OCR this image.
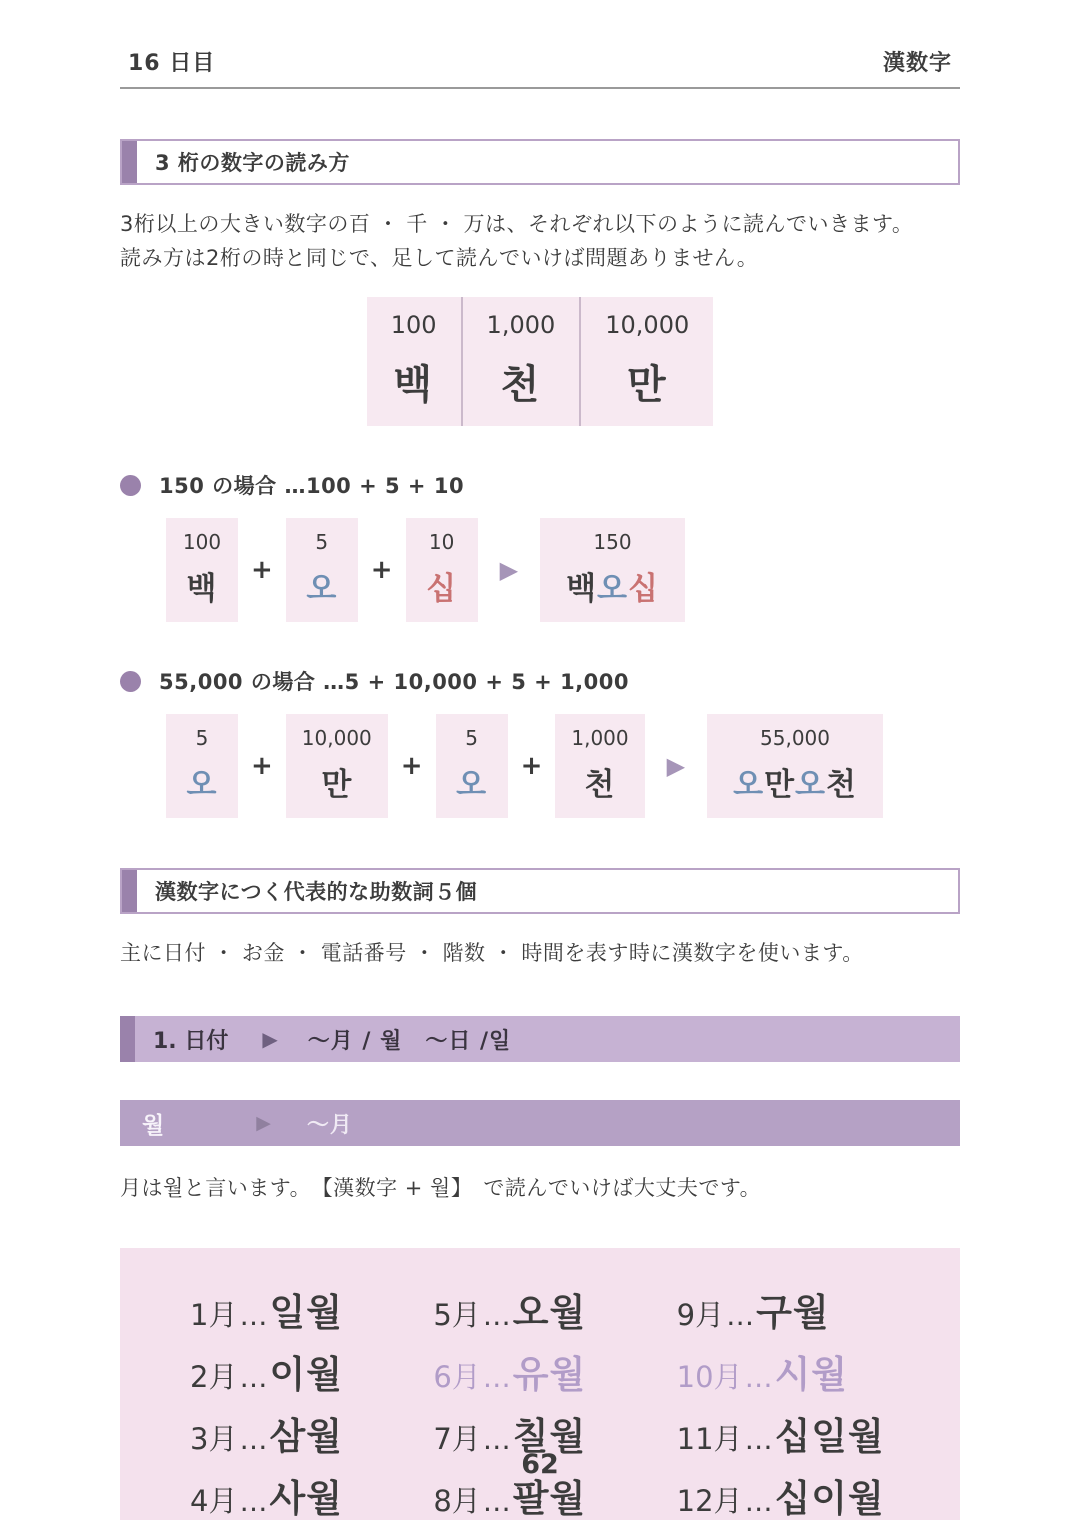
16 日目	漢数字
3 桁の数字の読み方

3桁以上の大きい数字の百 ・ 千 ・ 万は、それぞれ以下のように読んでいきます。

読み方は2桁の時と同じで、足して読んでいけば問題ありません。

100
백
1,000
천
10,000
만
150 の場合 …100 + 5 + 10
100
백
+
5
오
+
10
십
▶
150
백오십
55,000 の場合 …5 + 10,000 + 5 + 1,000
5
오
+
10,000
만
+
5
오
+
1,000
천
▶
55,000
오만오천
漢数字につく代表的な助数詞５個

主に日付 ・ お金 ・ 電話番号 ・ 階数 ・ 時間を表す時に漢数字を使います。

1. 日付 ▶ ～月 / 월　～日 /일
월	▶ ～月
月は월と言います。　【漢数字 + 월】　で読んでいけば大丈夫です。
1月 … 일월
2月 … 이월
3月 … 삼월
4月 … 사월
5月 … 오월
6月 … 유월
7月 … 칠월
8月 … 팔월
9月 … 구월
10月 … 시월
11月 … 십일월
12月 … 십이월
62
